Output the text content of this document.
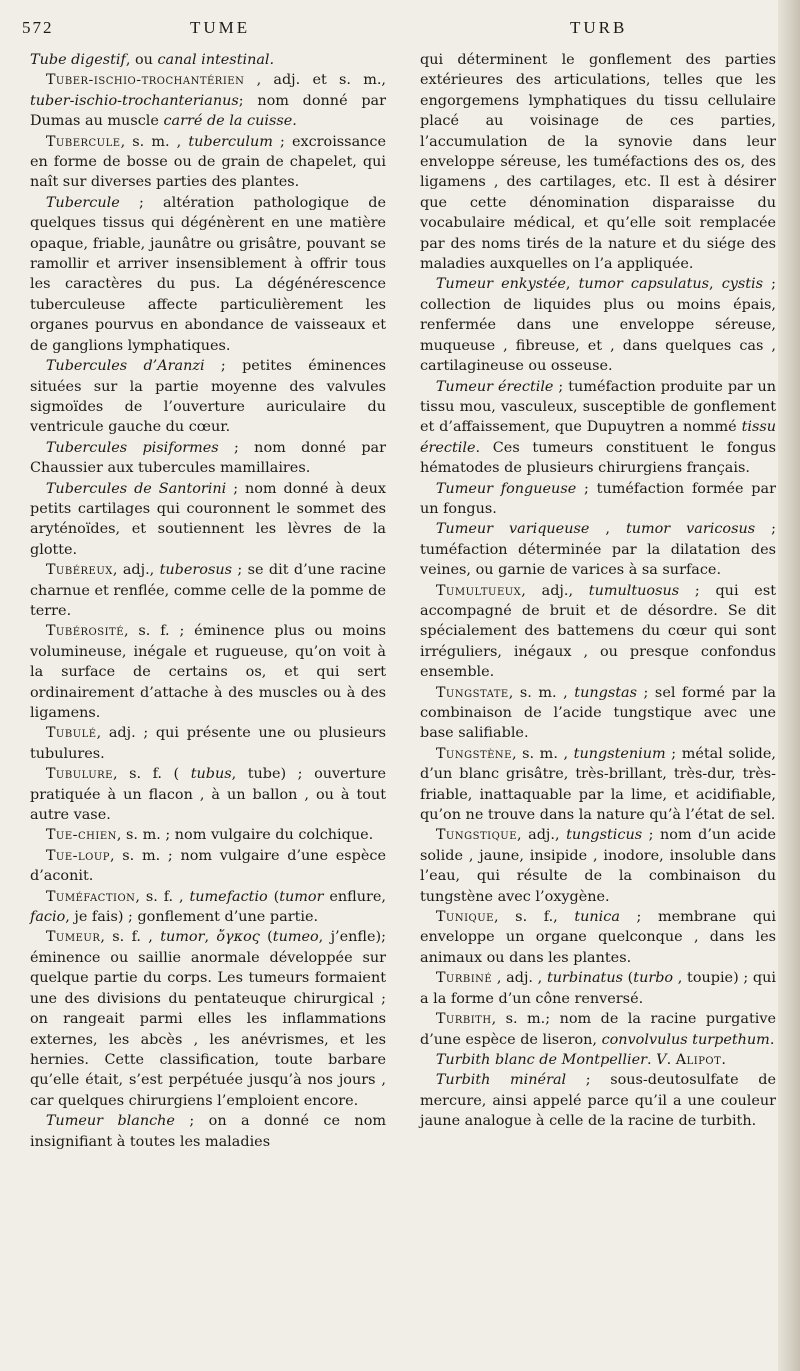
572	TUME	TURB

Tube digestif, ou canal intestinal.

Tuber-ischio-trochantérien , adj. et s. m., tuber-ischio-trochanterianus; nom donné par Dumas au muscle carré de la cuisse.

Tubercule, s. m. , tuberculum ; excroissance en forme de bosse ou de grain de chapelet, qui naît sur diverses parties des plantes.

Tubercule ; altération pathologique de quelques tissus qui dégénèrent en une matière opaque, friable, jaunâtre ou grisâtre, pouvant se ramollir et arriver insensiblement à offrir tous les caractères du pus. La dégénérescence tuberculeuse affecte particulièrement les organes pourvus en abondance de vaisseaux et de ganglions lymphatiques.

Tubercules d’Aranzi ; petites éminences situées sur la partie moyenne des valvules sigmoïdes de l’ouverture auriculaire du ventricule gauche du cœur.

Tubercules pisiformes ; nom donné par Chaussier aux tubercules mamillaires.

Tubercules de Santorini ; nom donné à deux petits cartilages qui couronnent le sommet des aryténoïdes, et soutiennent les lèvres de la glotte.

Tubéreux, adj., tuberosus ; se dit d’une racine charnue et renflée, comme celle de la pomme de terre.

Tubérosité, s. f. ; éminence plus ou moins volumineuse, inégale et rugueuse, qu’on voit à la surface de certains os, et qui sert ordinairement d’attache à des muscles ou à des ligamens.

Tubulé, adj. ; qui présente une ou plusieurs tubulures.

Tubulure, s. f. ( tubus, tube) ; ouverture pratiquée à un flacon , à un ballon , ou à tout autre vase.

Tue-chien, s. m. ; nom vulgaire du colchique.

Tue-loup, s. m. ; nom vulgaire d’une espèce d’aconit.

Tuméfaction, s. f. , tumefactio (tumor enflure, facio, je fais) ; gonflement d’une partie.

Tumeur, s. f. , tumor, ὄγκος (tumeo, j’enfle); éminence ou saillie anormale développée sur quelque partie du corps. Les tumeurs formaient une des divisions du pentateuque chirurgical ; on rangeait parmi elles les inflammations externes, les abcès , les anévrismes, et les hernies. Cette classification, toute barbare qu’elle était, s’est perpétuée jusqu’à nos jours , car quelques chirurgiens l’emploient encore.

Tumeur blanche ; on a donné ce nom insignifiant à toutes les maladies

qui déterminent le gonflement des parties extérieures des articulations, telles que les engorgemens lymphatiques du tissu cellulaire placé au voisinage de ces parties, l’accumulation de la synovie dans leur enveloppe séreuse, les tuméfactions des os, des ligamens , des cartilages, etc. Il est à désirer que cette dénomination disparaisse du vocabulaire médical, et qu’elle soit remplacée par des noms tirés de la nature et du siége des maladies auxquelles on l’a appliquée.

Tumeur enkystée, tumor capsulatus, cystis ; collection de liquides plus ou moins épais, renfermée dans une enveloppe séreuse, muqueuse , fibreuse, et , dans quelques cas , cartilagineuse ou osseuse.

Tumeur érectile ; tuméfaction produite par un tissu mou, vasculeux, susceptible de gonflement et d’affaissement, que Dupuytren a nommé tissu érectile. Ces tumeurs constituent le fongus hématodes de plusieurs chirurgiens français.

Tumeur fongueuse ; tuméfaction formée par un fongus.

Tumeur variqueuse , tumor varicosus ; tuméfaction déterminée par la dilatation des veines, ou garnie de varices à sa surface.

Tumultueux, adj., tumultuosus ; qui est accompagné de bruit et de désordre. Se dit spécialement des battemens du cœur qui sont irréguliers, inégaux , ou presque confondus ensemble.

Tungstate, s. m. , tungstas ; sel formé par la combinaison de l’acide tungstique avec une base salifiable.

Tungstène, s. m. , tungstenium ; métal solide, d’un blanc grisâtre, très-brillant, très-dur, très-friable, inattaquable par la lime, et acidifiable, qu’on ne trouve dans la nature qu’à l’état de sel.

Tungstique, adj., tungsticus ; nom d’un acide solide , jaune, insipide , inodore, insoluble dans l’eau, qui résulte de la combinaison du tungstène avec l’oxygène.

Tunique, s. f., tunica ; membrane qui enveloppe un organe quelconque , dans les animaux ou dans les plantes.

Turbiné , adj. , turbinatus (turbo , toupie) ; qui a la forme d’un cône renversé.

Turbith, s. m.; nom de la racine purgative d’une espèce de liseron, convolvulus turpethum.

Turbith blanc de Montpellier. V. Alipot.

Turbith minéral ; sous-deutosulfate de mercure, ainsi appelé parce qu’il a une couleur jaune analogue à celle de la racine de turbith.
